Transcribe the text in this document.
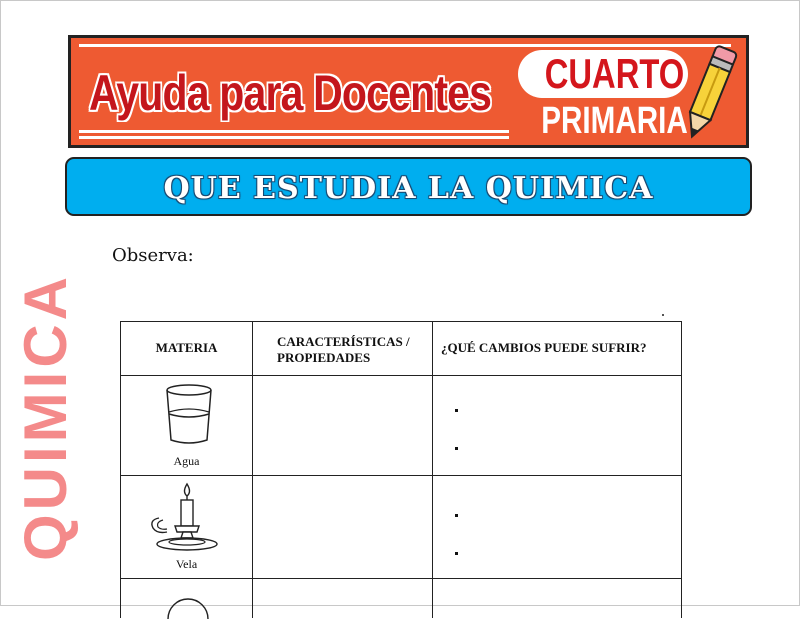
Ayuda para Docentes CUARTO
PRIMARIA
QUE ESTUDIA LA QUIMICA
QUIMICA
Observa:
MATERIA	CARACTERÍSTICAS / PROPIEDADES
¿QUÉ CAMBIOS PUEDE SUFRIR?
Agua
Vela
